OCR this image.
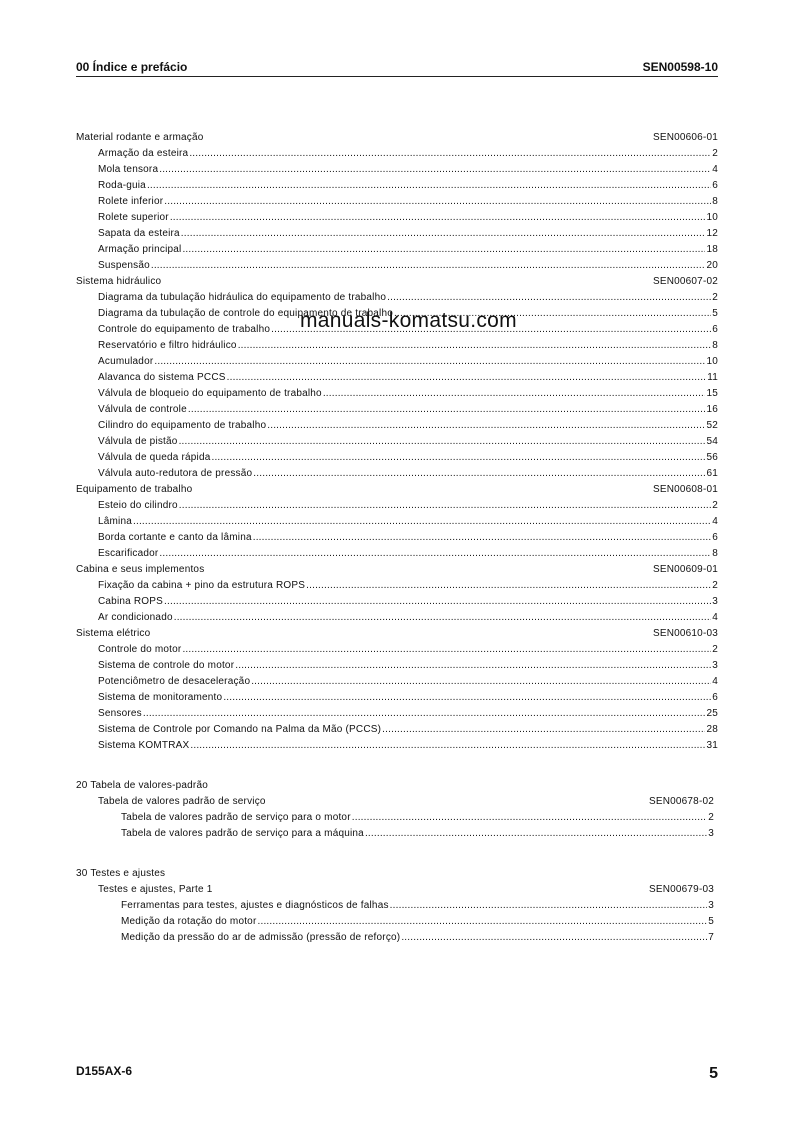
00 Índice e prefácio	SEN00598-10
Material rodante e armação	SEN00606-01
Armação da esteira .....	2
Mola tensora .....	4
Roda-guia .....	6
Rolete inferior .....	8
Rolete superior .....	10
Sapata da esteira .....	12
Armação principal .....	18
Suspensão .....	20
Sistema hidráulico	SEN00607-02
Diagrama da tubulação hidráulica do equipamento de trabalho .....	2
Diagrama da tubulação de controle do equipamento de trabalho .....	5
Controle do equipamento de trabalho .....	6
Reservatório e filtro hidráulico .....	8
Acumulador .....	10
Alavanca do sistema PCCS .....	11
Válvula de bloqueio do equipamento de trabalho .....	15
Válvula de controle .....	16
Cilindro do equipamento de trabalho .....	52
Válvula de pistão .....	54
Válvula de queda rápida .....	56
Válvula auto-redutora de pressão .....	61
Equipamento de trabalho	SEN00608-01
Esteio do cilindro .....	2
Lâmina .....	4
Borda cortante e canto da lâmina .....	6
Escarificador .....	8
Cabina e seus implementos	SEN00609-01
Fixação da cabina + pino da estrutura ROPS .....	2
Cabina ROPS .....	3
Ar condicionado .....	4
Sistema elétrico	SEN00610-03
Controle do motor .....	2
Sistema de controle do motor .....	3
Potenciômetro de desaceleração .....	4
Sistema de monitoramento .....	6
Sensores .....	25
Sistema de Controle por Comando na Palma da Mão (PCCS) .....	28
Sistema KOMTRAX .....	31
20 Tabela de valores-padrão
Tabela de valores padrão de serviço	SEN00678-02
Tabela de valores padrão de serviço para o motor .....	2
Tabela de valores padrão de serviço para a máquina .....	3
30 Testes e ajustes
Testes e ajustes, Parte 1	SEN00679-03
Ferramentas para testes, ajustes e diagnósticos de falhas .....	3
Medição da rotação do motor .....	5
Medição da pressão do ar de admissão (pressão de reforço) .....	7
manuals-komatsu.com
D155AX-6	5
